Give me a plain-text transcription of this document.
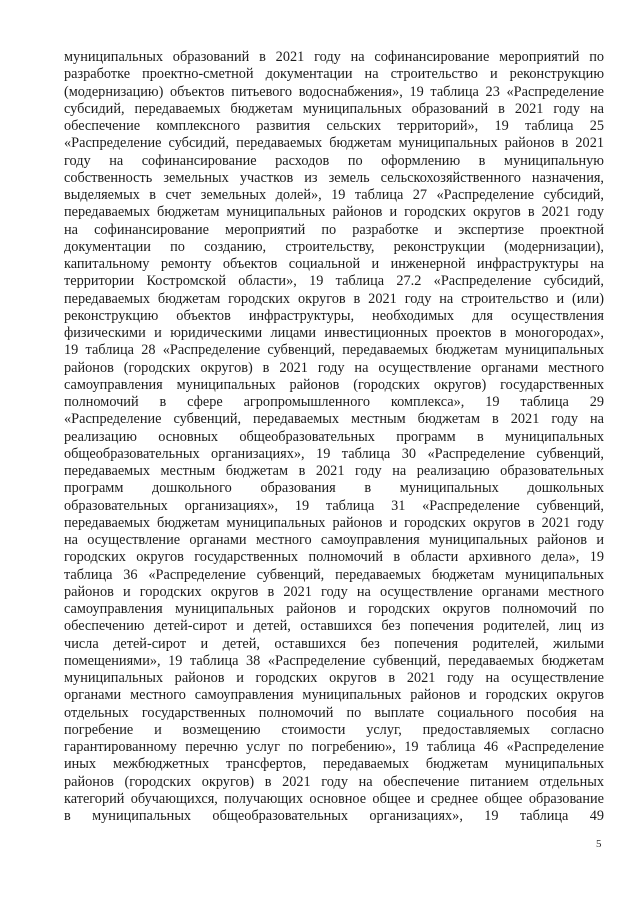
муниципальных образований в 2021 году на софинансирование мероприятий по
разработке проектно-сметной документации на строительство и реконструкцию
(модернизацию) объектов питьевого водоснабжения», 19 таблица 23 «Распределение
субсидий, передаваемых бюджетам муниципальных образований в 2021 году на
обеспечение комплексного развития сельских территорий», 19 таблица 25
«Распределение субсидий, передаваемых бюджетам муниципальных районов в 2021
году на софинансирование расходов по оформлению в муниципальную
собственность земельных участков из земель сельскохозяйственного назначения,
выделяемых в счет земельных долей», 19 таблица 27 «Распределение субсидий,
передаваемых бюджетам муниципальных районов и городских округов в 2021 году
на софинансирование мероприятий по разработке и экспертизе проектной
документации по созданию, строительству, реконструкции (модернизации),
капитальному ремонту объектов социальной и инженерной инфраструктуры на
территории Костромской области», 19 таблица 27.2 «Распределение субсидий,
передаваемых бюджетам городских округов в 2021 году на строительство и (или)
реконструкцию объектов инфраструктуры, необходимых для осуществления
физическими и юридическими лицами инвестиционных проектов в моногородах»,
19 таблица 28 «Распределение субвенций, передаваемых бюджетам муниципальных
районов (городских округов) в 2021 году на осуществление органами местного
самоуправления муниципальных районов (городских округов) государственных
полномочий в сфере агропромышленного комплекса», 19 таблица 29
«Распределение субвенций, передаваемых местным бюджетам в 2021 году на
реализацию основных общеобразовательных программ в муниципальных
общеобразовательных организациях», 19 таблица 30 «Распределение субвенций,
передаваемых местным бюджетам в 2021 году на реализацию образовательных
программ дошкольного образования в муниципальных дошкольных
образовательных организациях», 19 таблица 31 «Распределение субвенций,
передаваемых бюджетам муниципальных районов и городских округов в 2021 году
на осуществление органами местного самоуправления муниципальных районов и
городских округов государственных полномочий в области архивного дела», 19
таблица 36 «Распределение субвенций, передаваемых бюджетам муниципальных
районов и городских округов в 2021 году на осуществление органами местного
самоуправления муниципальных районов и городских округов полномочий по
обеспечению детей-сирот и детей, оставшихся без попечения родителей, лиц из
числа детей-сирот и детей, оставшихся без попечения родителей, жилыми
помещениями», 19 таблица 38 «Распределение субвенций, передаваемых бюджетам
муниципальных районов и городских округов в 2021 году на осуществление
органами местного самоуправления муниципальных районов и городских округов
отдельных государственных полномочий по выплате социального пособия на
погребение и возмещению стоимости услуг, предоставляемых согласно
гарантированному перечню услуг по погребению», 19 таблица 46 «Распределение
иных межбюджетных трансфертов, передаваемых бюджетам муниципальных
районов (городских округов) в 2021 году на обеспечение питанием отдельных
категорий обучающихся, получающих основное общее и среднее общее образование
в муниципальных общеобразовательных организациях», 19 таблица 49
5
